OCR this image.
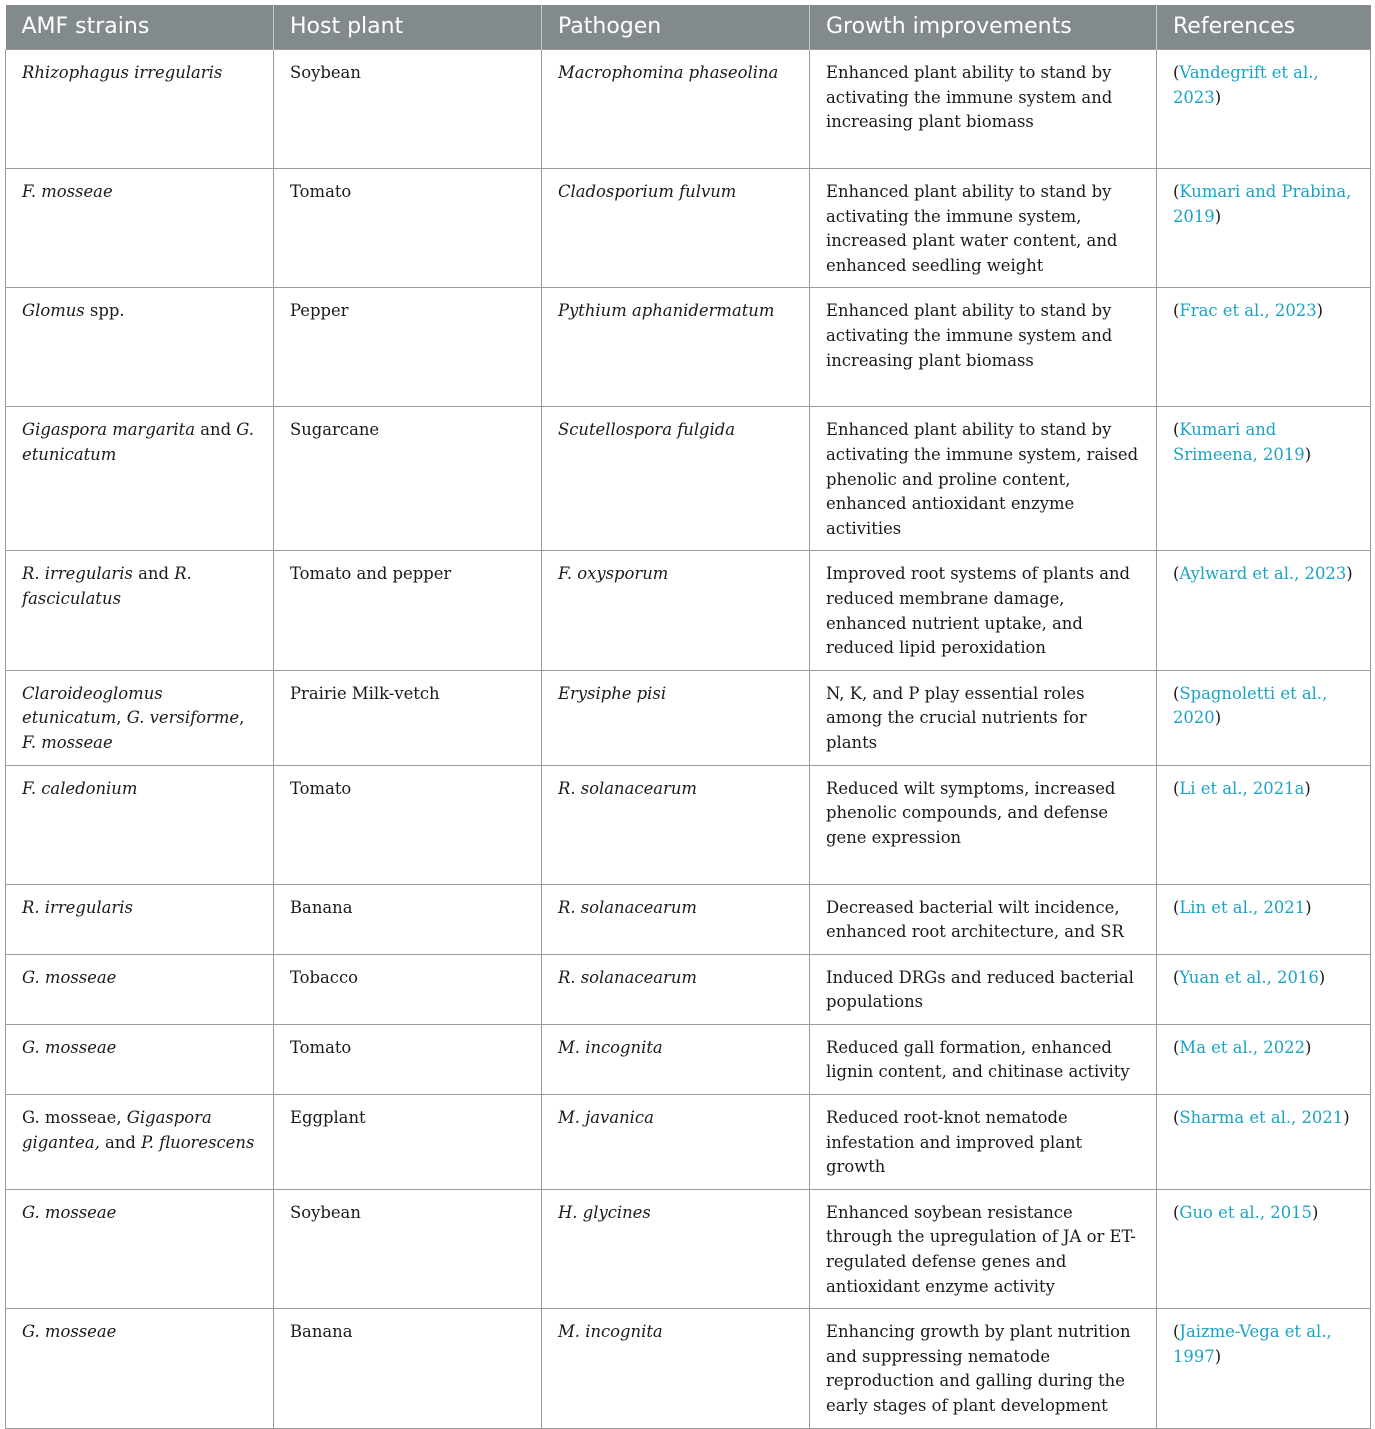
AMF strains	Host plant	Pathogen	Growth improvements	References
Rhizophagus irregularis	Soybean	Macrophomina phaseolina	Enhanced plant ability to stand by activating the immune system and increasing plant biomass	(Vandegrift et al., 2023)
F. mosseae	Tomato	Cladosporium fulvum	Enhanced plant ability to stand by activating the immune system, increased plant water content, and enhanced seedling weight	(Kumari and Prabina, 2019)
Glomus spp.	Pepper	Pythium aphanidermatum	Enhanced plant ability to stand by activating the immune system and increasing plant biomass	(Frac et al., 2023)
Gigaspora margarita and G. etunicatum	Sugarcane	Scutellospora fulgida	Enhanced plant ability to stand by activating the immune system, raised phenolic and proline content, enhanced antioxidant enzyme activities	(Kumari and Srimeena, 2019)
R. irregularis and R. fasciculatus	Tomato and pepper	F. oxysporum	Improved root systems of plants and reduced membrane damage, enhanced nutrient uptake, and reduced lipid peroxidation	(Aylward et al., 2023)
Claroideoglomus etunicatum, G. versiforme, F. mosseae	Prairie Milk-vetch	Erysiphe pisi	N, K, and P play essential roles among the crucial nutrients for plants	(Spagnoletti et al., 2020)
F. caledonium	Tomato	R. solanacearum	Reduced wilt symptoms, increased phenolic compounds, and defense gene expression	(Li et al., 2021a)
R. irregularis	Banana	R. solanacearum	Decreased bacterial wilt incidence, enhanced root architecture, and SR	(Lin et al., 2021)
G. mosseae	Tobacco	R. solanacearum	Induced DRGs and reduced bacterial populations	(Yuan et al., 2016)
G. mosseae	Tomato	M. incognita	Reduced gall formation, enhanced lignin content, and chitinase activity	(Ma et al., 2022)
G. mosseae, Gigaspora gigantea, and P. fluorescens	Eggplant	M. javanica	Reduced root-knot nematode infestation and improved plant growth	(Sharma et al., 2021)
G. mosseae	Soybean	H. glycines	Enhanced soybean resistance through the upregulation of JA or ET-regulated defense genes and antioxidant enzyme activity	(Guo et al., 2015)
G. mosseae	Banana	M. incognita	Enhancing growth by plant nutrition and suppressing nematode reproduction and galling during the early stages of plant development	(Jaizme-Vega et al., 1997)
